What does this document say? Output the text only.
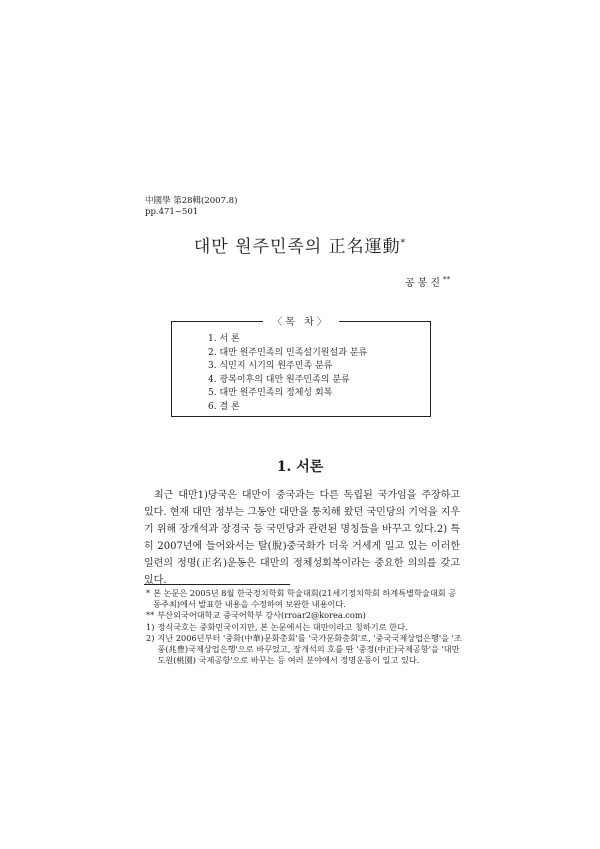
中國學 第28輯(2007.8)
pp.471~501
대만 원주민족의 正名運動*
공봉진**
〈목 차〉
1. 서 론
2. 대만 원주민족의 민족설기원설과 분류
3. 식민지 시기의 원주민족 분류
4. 광복이후의 대만 원주민족의 분류
5. 대만 원주민족의 정체성 회복
6. 결 론
1. 서론

최근 대만1)당국은 대만이 중국과는 다른 독립된 국가임을 주장하고 있다. 현재 대만 정부는 그동안 대만을 통치해 왔던 국민당의 기억을 지우기 위해 장개석과 장경국 등 국민당과 관련된 명칭들을 바꾸고 있다.2) 특히 2007년에 들어와서는 탈(脫)중국화가 더욱 거세게 일고 있는 이러한 일련의 정명(正名)운동은 대만의 정체성회복이라는 중요한 의의를 갖고 있다.

* 본 논문은 2005년 8월 한국정치학회 학술대회(21세기정치학회 하계특별학술대회 공동주최)에서 발표한 내용을 수정하여 보완한 내용이다.
** 부산외국어대학교 중국어학부 강사(rroar2@korea.com)
1) 정식국호는 중화민국이지만, 본 논문에서는 대만이라고 칭하기로 한다.
2) 지난 2006년부터 '중화(中華)문화총회'를 '국가문화총회'로, '중국국제상업은행'을 '조풍(兆豊)국제상업은행'으로 바꾸었고, 장개석의 호를 딴 '중정(中正)국제공항'을 '대만 도원(桃園) 국제공항'으로 바꾸는 등 여러 분야에서 정명운동이 일고 있다.
